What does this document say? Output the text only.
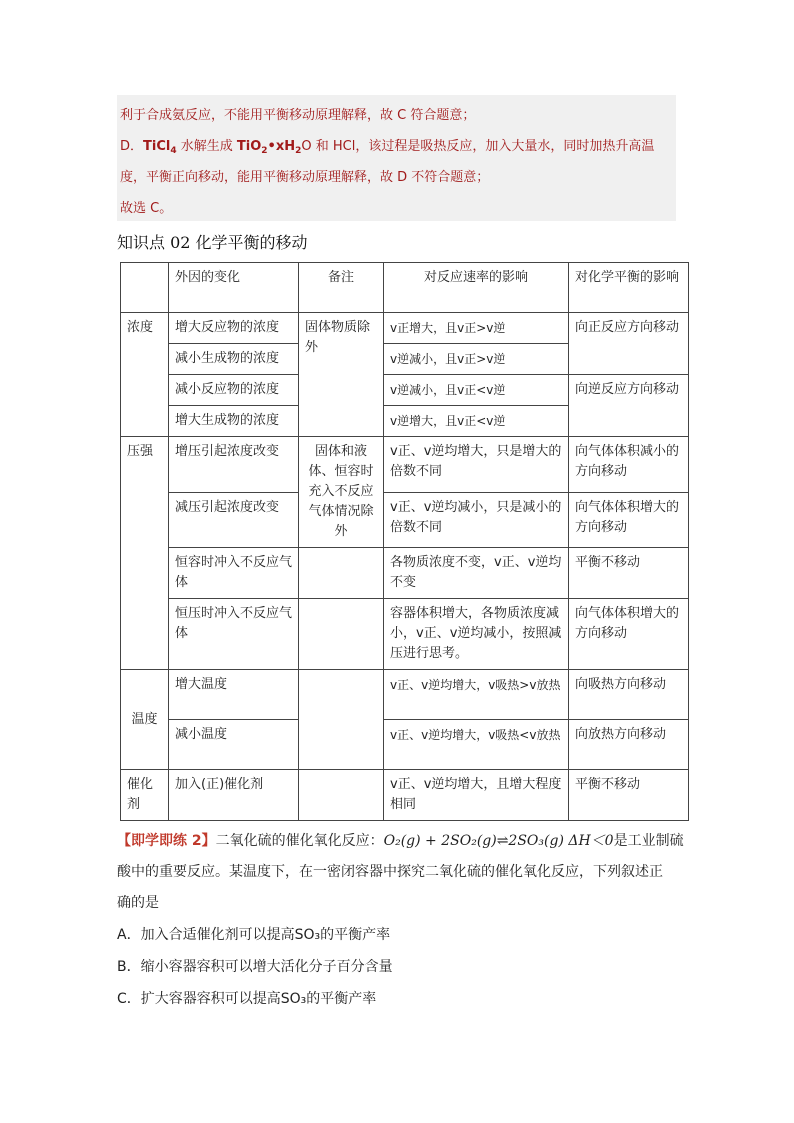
利于合成氨反应，不能用平衡移动原理解释，故 C 符合题意；
D．TiCl$_4$ 水解生成 $TiO_2•xH_2O$ 和 HCl，该过程是吸热反应，加入大量水，同时加热升高温
度，平衡正向移动，能用平衡移动原理解释，故 D 不符合题意；
故选 C。
知识点 02 化学平衡的移动
	外因的变化	备注	对反应速率的影响	对化学平衡的影响
浓度	增大反应物的浓度	固体物质除外	v正增大，且v正>v逆	向正反应方向移动
	减小生成物的浓度		v逆减小，且v正>v逆	
	减小反应物的浓度		v逆减小，且v正<v逆	向逆反应方向移动
	增大生成物的浓度		v逆增大，且v正<v逆	
压强	增压引起浓度改变	固体和液体、恒容时充入不反应气体情况除外	v正、v逆均增大，只是增大的倍数不同	向气体体积减小的方向移动
	减压引起浓度改变		v正、v逆均减小，只是减小的倍数不同	向气体体积增大的方向移动
	恒容时冲入不反应气体		各物质浓度不变，v正、v逆均不变	平衡不移动
	恒压时冲入不反应气体		容器体积增大，各物质浓度减小，v正、v逆均减小，按照减压进行思考。	向气体体积增大的方向移动
温度	增大温度		v正、v逆均增大，v吸热>v放热	向吸热方向移动
	减小温度		v正、v逆均增大，v吸热<v放热	向放热方向移动
催化剂	加入(正)催化剂		v正、v逆均增大，且增大程度相同	平衡不移动
【即学即练 2】二氧化硫的催化氧化反应：O₂(g) + 2SO₂(g)⇌2SO₃(g) ΔH＜0是工业制硫
酸中的重要反应。某温度下，在一密闭容器中探究二氧化硫的催化氧化反应，下列叙述正
确的是
A．加入合适催化剂可以提高SO₃的平衡产率
B．缩小容器容积可以增大活化分子百分含量
C．扩大容器容积可以提高SO₃的平衡产率
